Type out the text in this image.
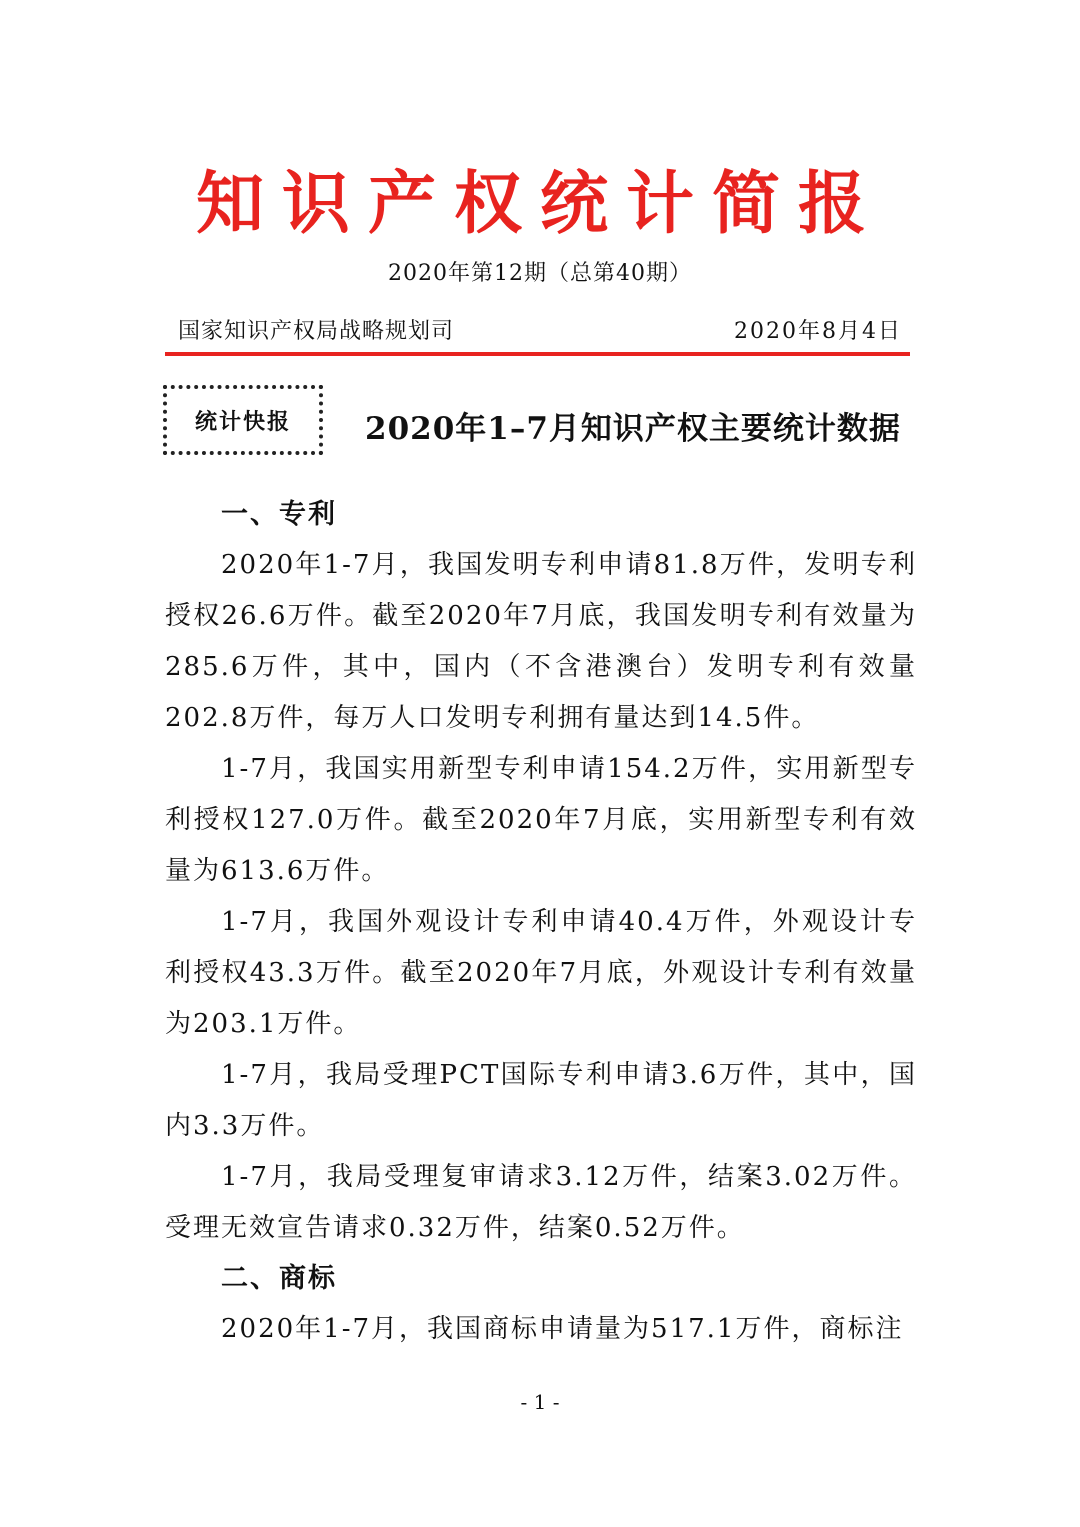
知识产权统计简报
2020年第12期（总第40期）
国家知识产权局战略规划司	2020年8月4日
统计快报	2020年1–7月知识产权主要统计数据
一、专利

2020年1-7月，我国发明专利申请81.8万件，发明专利授权26.6万件。截至2020年7月底，我国发明专利有效量为285.6万件，其中，国内（不含港澳台）发明专利有效量202.8万件，每万人口发明专利拥有量达到14.5件。

1-7月，我国实用新型专利申请154.2万件，实用新型专利授权127.0万件。截至2020年7月底，实用新型专利有效量为613.6万件。

1-7月，我国外观设计专利申请40.4万件，外观设计专利授权43.3万件。截至2020年7月底，外观设计专利有效量为203.1万件。

1-7月，我局受理PCT国际专利申请3.6万件，其中，国内3.3万件。

1-7月，我局受理复审请求3.12万件，结案3.02万件。受理无效宣告请求0.32万件，结案0.52万件。

二、商标

2020年1-7月，我国商标申请量为517.1万件，商标注

- 1 -
